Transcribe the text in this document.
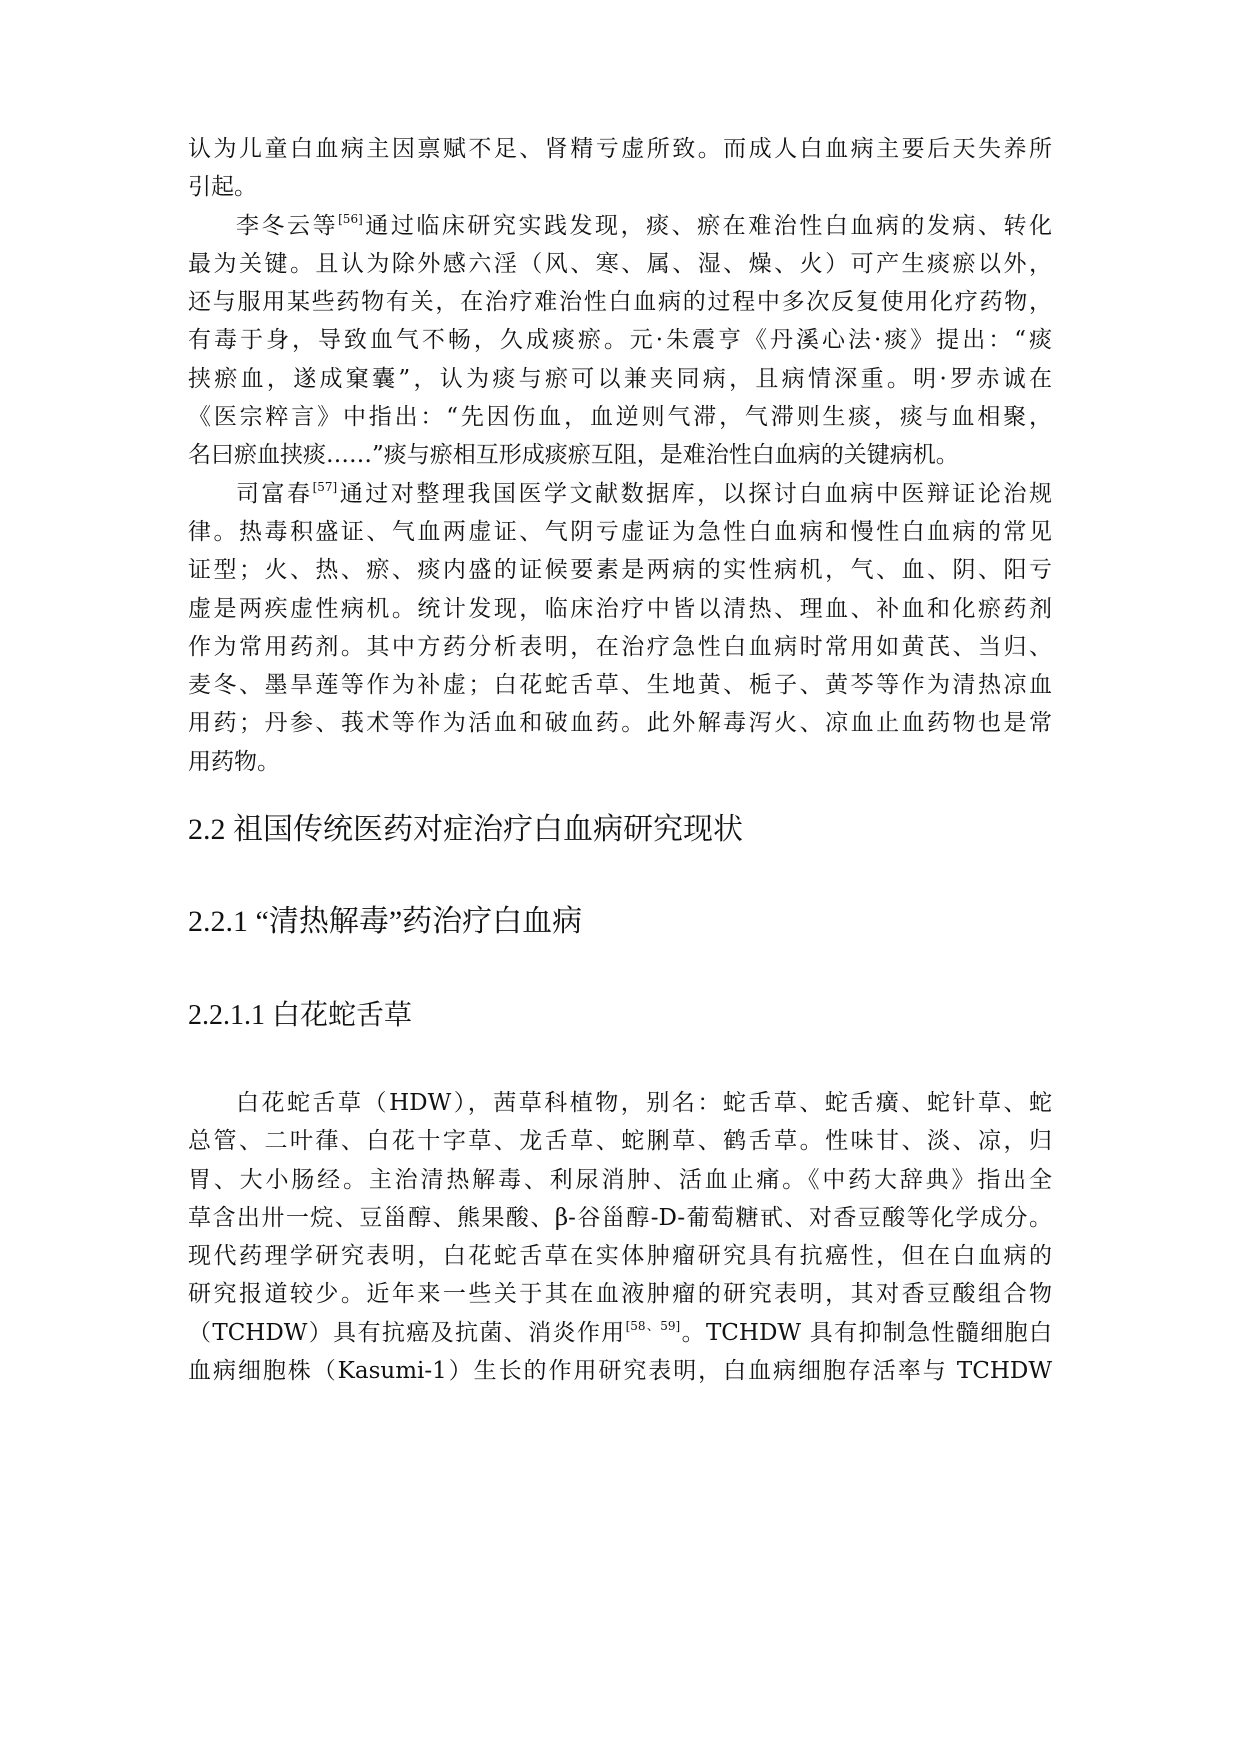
认为儿童白血病主因禀赋不足、肾精亏虚所致。而成人白血病主要后天失养所
引起。
李冬云等[56]通过临床研究实践发现，痰、瘀在难治性白血病的发病、转化
最为关键。且认为除外感六淫（风、寒、属、湿、燥、火）可产生痰瘀以外，
还与服用某些药物有关，在治疗难治性白血病的过程中多次反复使用化疗药物，
有毒于身，导致血气不畅，久成痰瘀。元·朱震亨《丹溪心法·痰》提出：“痰
挟瘀血，遂成窠囊”，认为痰与瘀可以兼夹同病，且病情深重。明·罗赤诚在
《医宗粹言》中指出：“先因伤血，血逆则气滞，气滞则生痰，痰与血相聚，
名曰瘀血挟痰……”痰与瘀相互形成痰瘀互阻，是难治性白血病的关键病机。
司富春[57]通过对整理我国医学文献数据库，以探讨白血病中医辩证论治规
律。热毒积盛证、气血两虚证、气阴亏虚证为急性白血病和慢性白血病的常见
证型；火、热、瘀、痰内盛的证候要素是两病的实性病机，气、血、阴、阳亏
虚是两疾虚性病机。统计发现，临床治疗中皆以清热、理血、补血和化瘀药剂
作为常用药剂。其中方药分析表明，在治疗急性白血病时常用如黄芪、当归、
麦冬、墨旱莲等作为补虚；白花蛇舌草、生地黄、栀子、黄芩等作为清热凉血
用药；丹参、莪术等作为活血和破血药。此外解毒泻火、凉血止血药物也是常
用药物。
2.2 祖国传统医药对症治疗白血病研究现状
2.2.1 “清热解毒”药治疗白血病
2.2.1.1 白花蛇舌草
白花蛇舌草（HDW），茜草科植物，别名：蛇舌草、蛇舌癀、蛇针草、蛇
总管、二叶葎、白花十字草、龙舌草、蛇脷草、鹤舌草。性味甘、淡、凉，归
胃、大小肠经。主治清热解毒、利尿消肿、活血止痛。《中药大辞典》指出全
草含出卅一烷、豆甾醇、熊果酸、β-谷甾醇-D-葡萄糖甙、对香豆酸等化学成分。
现代药理学研究表明，白花蛇舌草在实体肿瘤研究具有抗癌性，但在白血病的
研究报道较少。近年来一些关于其在血液肿瘤的研究表明，其对香豆酸组合物
（TCHDW）具有抗癌及抗菌、消炎作用[58、59]。TCHDW 具有抑制急性髓细胞白
血病细胞株（Kasumi-1）生长的作用研究表明，白血病细胞存活率与 TCHDW
